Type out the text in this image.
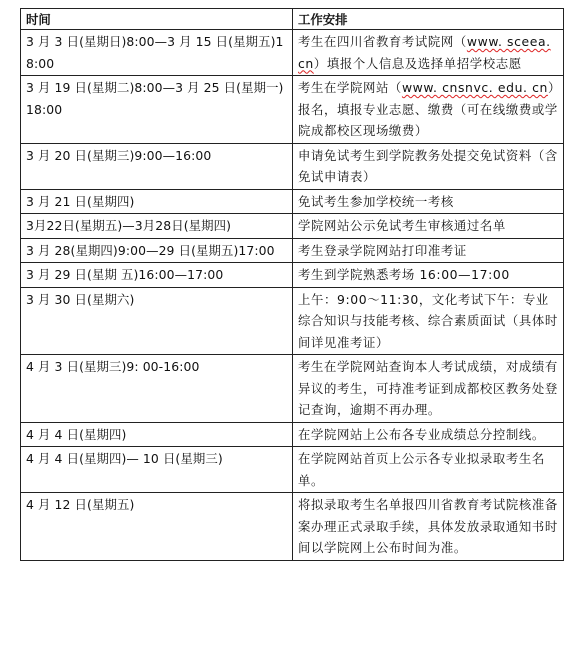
时间	工作安排
3 月 3 日(星期日)8:00—3 月 15 日(星期五)18:00	考生在四川省教育考试院网（www. sceea. cn）填报个人信息及选择单招学校志愿
3 月 19 日(星期二)8:00—3 月 25 日(星期一) 18:00	考生在学院网站（www. cnsnvc. edu. cn）报名，填报专业志愿、缴费（可在线缴费或学院成都校区现场缴费）
3 月 20 日(星期三)9:00—16:00	申请免试考生到学院教务处提交免试资料（含免试申请表）
3 月 21 日(星期四)	免试考生参加学校统一考核
3月22日(星期五)—3月28日(星期四)	学院网站公示免试考生审核通过名单
3 月 28(星期四)9:00—29 日(星期五)17:00	考生登录学院网站打印准考证
3 月 29 日(星期 五)16:00—17:00	考生到学院熟悉考场 16:00—17:00
3 月 30 日(星期六)	上午：9:00～11:30，文化考试下午：专业综合知识与技能考核、综合素质面试（具体时间详见准考证）
4 月 3 日(星期三)9: 00-16:00	考生在学院网站查询本人考试成绩，对成绩有异议的考生，可持准考证到成都校区教务处登记查询，逾期不再办理。
4 月 4 日(星期四)	在学院网站上公布各专业成绩总分控制线。
4 月 4 日(星期四)— 10 日(星期三)	在学院网站首页上公示各专业拟录取考生名单。
4 月 12 日(星期五)	将拟录取考生名单报四川省教育考试院核准备案办理正式录取手续，具体发放录取通知书时间以学院网上公布时间为准。
